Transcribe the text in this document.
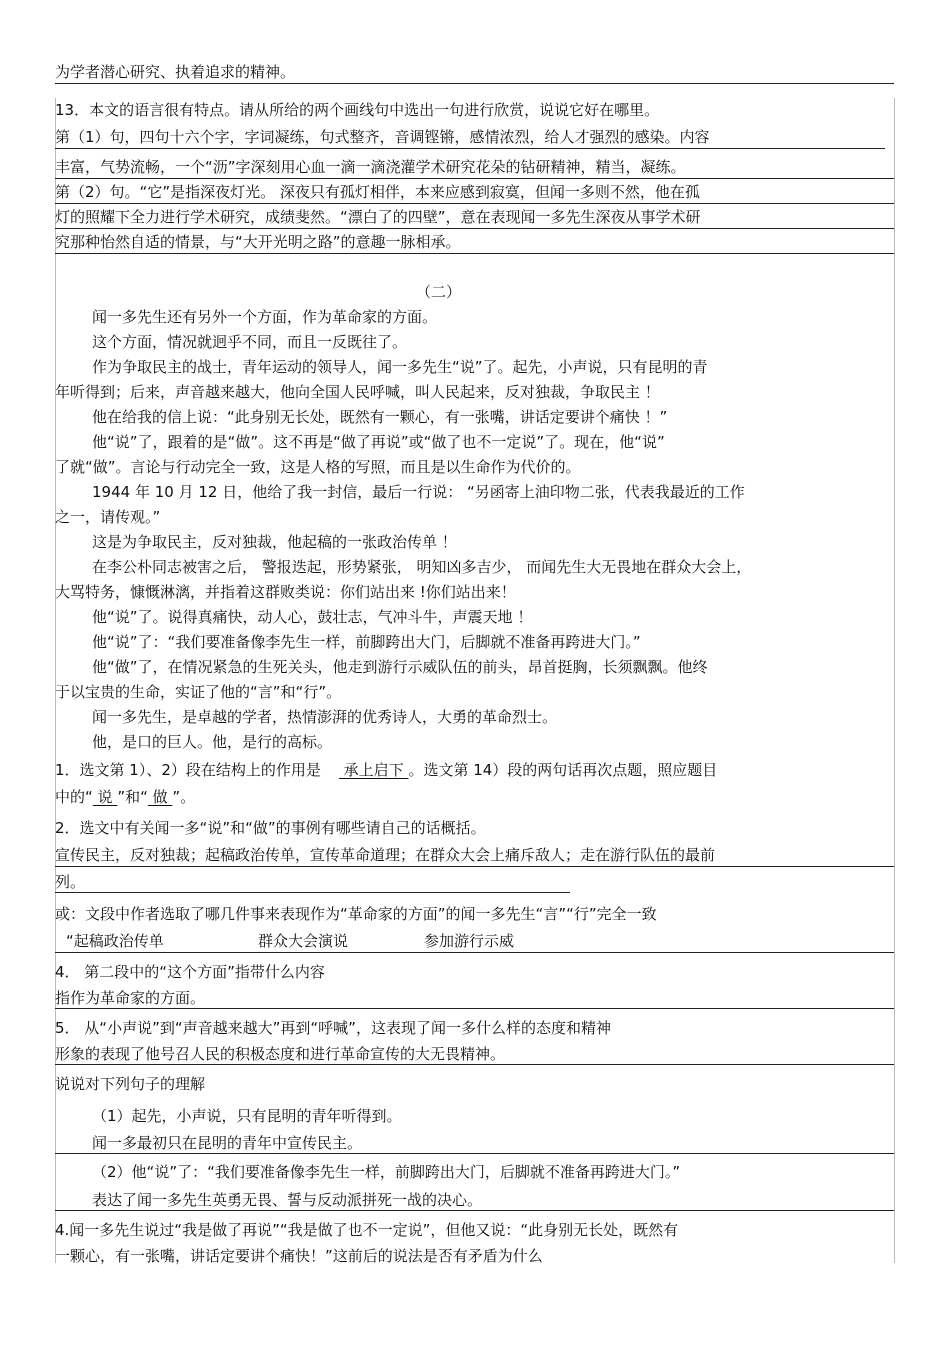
为学者潜心研究、执着追求的精神。
13．本文的语言很有特点。请从所给的两个画线句中选出一句进行欣赏，说说它好在哪里。
第（1）句，四句十六个字，字词凝练，句式整齐，音调铿锵，感情浓烈，给人才强烈的感染。内容
丰富，气势流畅，一个“沥”字深刻用心血一滴一滴浇灌学术研究花朵的钻研精神，精当，凝练。
第（2）句。“它”是指深夜灯光。 深夜只有孤灯相伴，本来应感到寂寞，但闻一多则不然，他在孤
灯的照耀下全力进行学术研究，成绩斐然。“漂白了的四壁”，意在表现闻一多先生深夜从事学术研
究那种怡然自适的情景，与“大开光明之路”的意趣一脉相承。
（二）
闻一多先生还有另外一个方面，作为革命家的方面。
这个方面，情况就迥乎不同，而且一反既往了。
作为争取民主的战士，青年运动的领导人，闻一多先生“说”了。起先，小声说，只有昆明的青
年听得到；后来，声音越来越大，他向全国人民呼喊，叫人民起来，反对独裁，争取民主 ！
他在给我的信上说：“此身别无长处，既然有一颗心，有一张嘴，讲话定要讲个痛快 ！”
他“说”了，跟着的是“做”。这不再是“做了再说”或“做了也不一定说”了。现在，他“说”
了就“做”。言论与行动完全一致，这是人格的写照，而且是以生命作为代价的。
1944 年 10 月 12 日，他给了我一封信，最后一行说： “另函寄上油印物二张，代表我最近的工作
之一，请传观。”
这是为争取民主，反对独裁，他起稿的一张政治传单 ！
在李公朴同志被害之后， 警报迭起，形势紧张， 明知凶多吉少， 而闻先生大无畏地在群众大会上，
大骂特务，慷慨淋漓，并指着这群败类说：你们站出来 !你们站出来！
他“说”了。说得真痛快，动人心，鼓壮志，气冲斗牛，声震天地 ！
他“说”了：“我们要准备像李先生一样，前脚跨出大门，后脚就不准备再跨进大门。”
他“做”了，在情况紧急的生死关头，他走到游行示威队伍的前头，昂首挺胸，长须飘飘。他终
于以宝贵的生命，实证了他的“言”和“行”。
闻一多先生，是卓越的学者，热情澎湃的优秀诗人，大勇的革命烈士。
他，是口的巨人。他，是行的高标。
1．选文第 1）、2）段在结构上的作用是 承上启下 。选文第 14）段的两句话再次点题，照应题目
中的“ 说 ”和“ 做 ”。
2．选文中有关闻一多“说”和“做”的事例有哪些请自己的话概括。
宣传民主，反对独裁；起稿政治传单，宣传革命道理；在群众大会上痛斥敌人；走在游行队伍的最前
列。
或：文段中作者选取了哪几件事来表现作为“革命家的方面”的闻一多先生“言”“行”完全一致
“起稿政治传单	群众大会演说	参加游行示威
4． 第二段中的“这个方面”指带什么内容
指作为革命家的方面。
5． 从“小声说”到“声音越来越大”再到“呼喊”，这表现了闻一多什么样的态度和精神
形象的表现了他号召人民的积极态度和进行革命宣传的大无畏精神。
说说对下列句子的理解
（1）起先，小声说，只有昆明的青年听得到。
闻一多最初只在昆明的青年中宣传民主。
（2）他“说”了：“我们要准备像李先生一样，前脚跨出大门，后脚就不准备再跨进大门。”
表达了闻一多先生英勇无畏、誓与反动派拼死一战的决心。
4.闻一多先生说过“我是做了再说”“我是做了也不一定说”，但他又说：“此身别无长处，既然有
一颗心，有一张嘴，讲话定要讲个痛快！”这前后的说法是否有矛盾为什么
